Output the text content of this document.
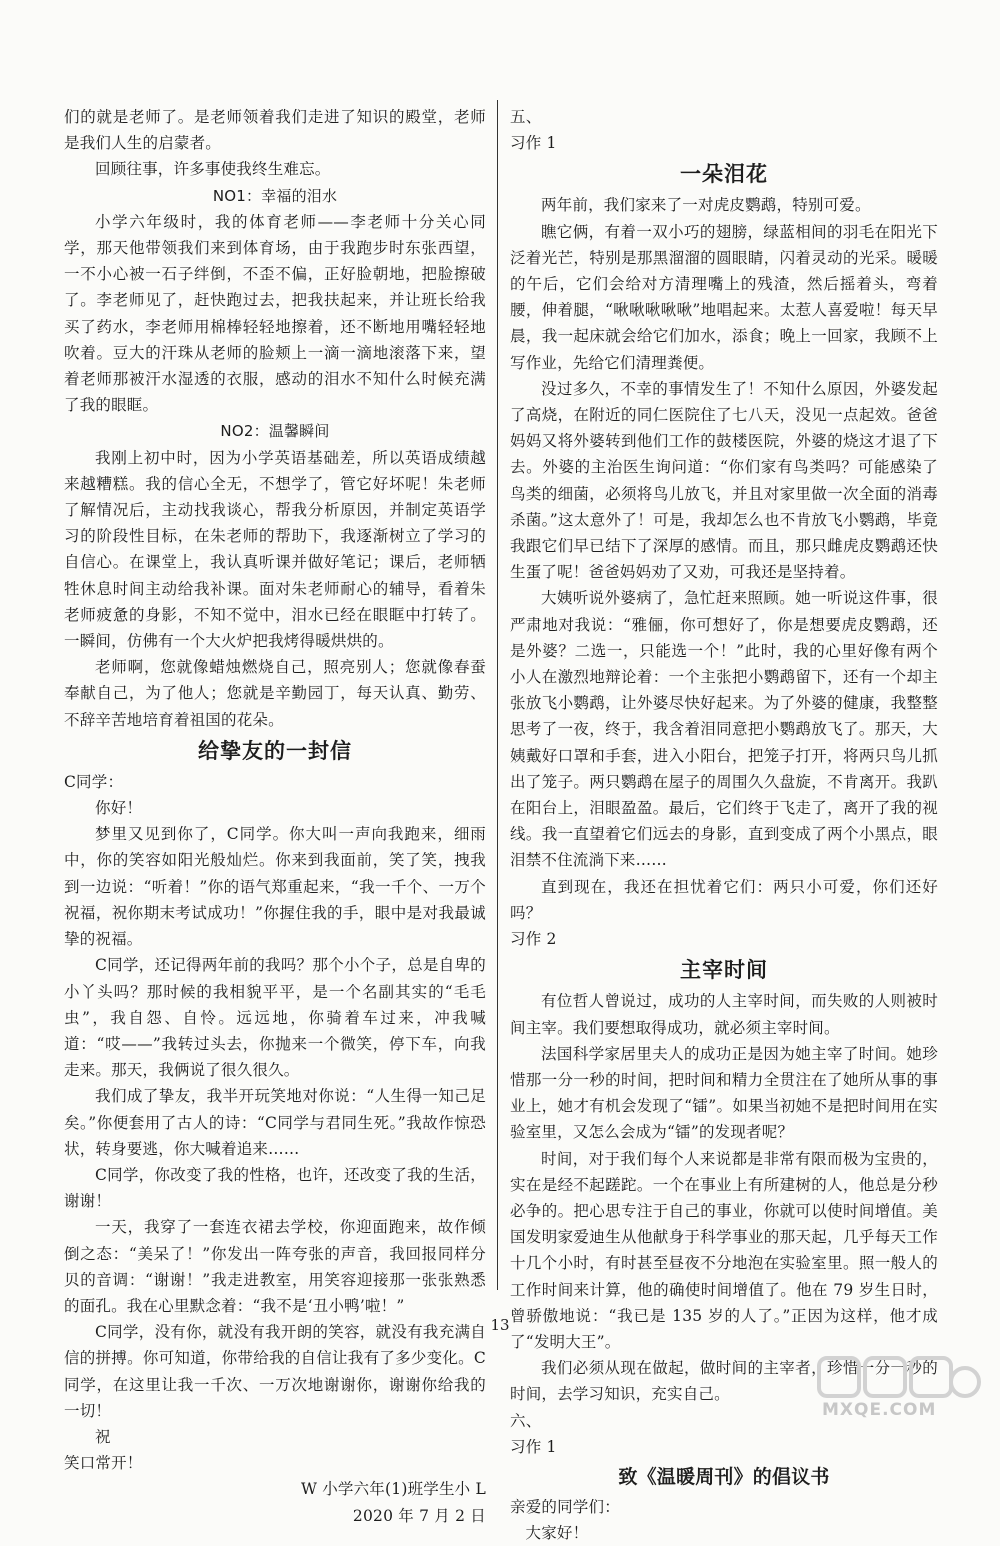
们的就是老师了。是老师领着我们走进了知识的殿堂，老师是我们人生的启蒙者。

回顾往事，许多事使我终生难忘。

NO1：幸福的泪水

小学六年级时，我的体育老师——李老师十分关心同学，那天他带领我们来到体育场，由于我跑步时东张西望，一不小心被一石子绊倒，不歪不偏，正好脸朝地，把脸擦破了。李老师见了，赶快跑过去，把我扶起来，并让班长给我买了药水，李老师用棉棒轻轻地擦着，还不断地用嘴轻轻地吹着。豆大的汗珠从老师的脸颊上一滴一滴地滚落下来，望着老师那被汗水湿透的衣服，感动的泪水不知什么时候充满了我的眼眶。

NO2：温馨瞬间

我刚上初中时，因为小学英语基础差，所以英语成绩越来越糟糕。我的信心全无，不想学了，管它好坏呢！朱老师了解情况后，主动找我谈心，帮我分析原因，并制定英语学习的阶段性目标，在朱老师的帮助下，我逐渐树立了学习的自信心。在课堂上，我认真听课并做好笔记；课后，老师牺牲休息时间主动给我补课。面对朱老师耐心的辅导，看着朱老师疲惫的身影，不知不觉中，泪水已经在眼眶中打转了。一瞬间，仿佛有一个大火炉把我烤得暖烘烘的。

老师啊，您就像蜡烛燃烧自己，照亮别人；您就像春蚕奉献自己，为了他人；您就是辛勤园丁，每天认真、勤劳、不辞辛苦地培育着祖国的花朵。

给挚友的一封信

C同学：

你好！

梦里又见到你了，C同学。你大叫一声向我跑来，细雨中，你的笑容如阳光般灿烂。你来到我面前，笑了笑，拽我到一边说：“听着！”你的语气郑重起来，“我一千个、一万个祝福，祝你期末考试成功！”你握住我的手，眼中是对我最诚挚的祝福。

C同学，还记得两年前的我吗？那个小个子，总是自卑的小丫头吗？那时候的我相貌平平，是一个名副其实的“毛毛虫”，我自怨、自怜。远远地，你骑着车过来，冲我喊道：“哎——”我转过头去，你抛来一个微笑，停下车，向我走来。那天，我俩说了很久很久。

我们成了挚友，我半开玩笑地对你说：“人生得一知己足矣。”你便套用了古人的诗：“C同学与君同生死。”我故作惊恐状，转身要逃，你大喊着追来……

C同学，你改变了我的性格，也许，还改变了我的生活，谢谢！

一天，我穿了一套连衣裙去学校，你迎面跑来，故作倾倒之态：“美呆了！”你发出一阵夸张的声音，我回报同样分贝的音调：“谢谢！”我走进教室，用笑容迎接那一张张熟悉的面孔。我在心里默念着：“我不是‘丑小鸭’啦！”

C同学，没有你，就没有我开朗的笑容，就没有我充满自信的拼搏。你可知道，你带给我的自信让我有了多少变化。C同学，在这里让我一千次、一万次地谢谢你，谢谢你给我的一切！

祝

笑口常开！

W 小学六年(1)班学生小 L

2020 年 7 月 2 日

五、

习作 1

一朵泪花

两年前，我们家来了一对虎皮鹦鹉，特别可爱。

瞧它俩，有着一双小巧的翅膀，绿蓝相间的羽毛在阳光下泛着光芒，特别是那黑溜溜的圆眼睛，闪着灵动的光采。暖暖的午后，它们会给对方清理嘴上的残渣，然后摇着头，弯着腰，伸着腿，“啾啾啾啾啾”地唱起来。太惹人喜爱啦！每天早晨，我一起床就会给它们加水，添食；晚上一回家，我顾不上写作业，先给它们清理粪便。

没过多久，不幸的事情发生了！不知什么原因，外婆发起了高烧，在附近的同仁医院住了七八天，没见一点起效。爸爸妈妈又将外婆转到他们工作的鼓楼医院，外婆的烧这才退了下去。外婆的主治医生询问道：“你们家有鸟类吗？可能感染了鸟类的细菌，必须将鸟儿放飞，并且对家里做一次全面的消毒杀菌。”这太意外了！可是，我却怎么也不肯放飞小鹦鹉，毕竟我跟它们早已结下了深厚的感情。而且，那只雌虎皮鹦鹉还快生蛋了呢！爸爸妈妈劝了又劝，可我还是坚持着。

大姨听说外婆病了，急忙赶来照顾。她一听说这件事，很严肃地对我说：“雅俪，你可想好了，你是想要虎皮鹦鹉，还是外婆？二选一，只能选一个！”此时，我的心里好像有两个小人在激烈地辩论着：一个主张把小鹦鹉留下，还有一个却主张放飞小鹦鹉，让外婆尽快好起来。为了外婆的健康，我整整思考了一夜，终于，我含着泪同意把小鹦鹉放飞了。那天，大姨戴好口罩和手套，进入小阳台，把笼子打开，将两只鸟儿抓出了笼子。两只鹦鹉在屋子的周围久久盘旋，不肯离开。我趴在阳台上，泪眼盈盈。最后，它们终于飞走了，离开了我的视线。我一直望着它们远去的身影，直到变成了两个小黑点，眼泪禁不住流淌下来……

直到现在，我还在担忧着它们：两只小可爱，你们还好吗？

习作 2

主宰时间

有位哲人曾说过，成功的人主宰时间，而失败的人则被时间主宰。我们要想取得成功，就必须主宰时间。

法国科学家居里夫人的成功正是因为她主宰了时间。她珍惜那一分一秒的时间，把时间和精力全贯注在了她所从事的事业上，她才有机会发现了“镭”。如果当初她不是把时间用在实验室里，又怎么会成为“镭”的发现者呢？

时间，对于我们每个人来说都是非常有限而极为宝贵的，实在是经不起蹉跎。一个在事业上有所建树的人，他总是分秒必争的。把心思专注于自己的事业，你就可以使时间增值。美国发明家爱迪生从他献身于科学事业的那天起，几乎每天工作十几个小时，有时甚至昼夜不分地泡在实验室里。照一般人的工作时间来计算，他的确使时间增值了。他在 79 岁生日时，曾骄傲地说：“我已是 135 岁的人了。”正因为这样，他才成了“发明大王”。

我们必须从现在做起，做时间的主宰者，珍惜一分一秒的时间，去学习知识，充实自己。

六、

习作 1

致《温暖周刊》的倡议书

亲爱的同学们：

大家好！

13
MXQE.COM
